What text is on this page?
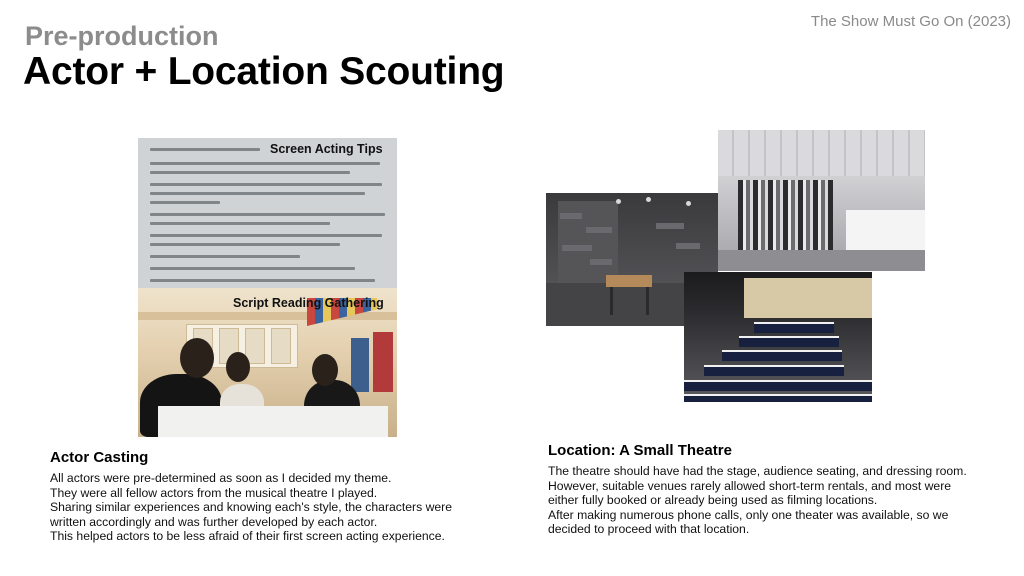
The Show Must Go On (2023)
Pre-production
Actor + Location Scouting
Screen Acting Tips
Script Reading Gathering
Actor Casting
All actors were pre-determined as soon as I decided my theme.
They were all fellow actors from the musical theatre I played.
Sharing similar experiences and knowing each's style, the characters were
written accordingly and was further developed by each actor.
This helped actors to be less afraid of their first screen acting experience.
Location: A Small Theatre
The theatre should have had the stage, audience seating, and dressing room.
However, suitable venues rarely allowed short-term rentals, and most were
either fully booked or already being used as filming locations.
After making numerous phone calls, only one theater was available, so we
decided to proceed with that location.
